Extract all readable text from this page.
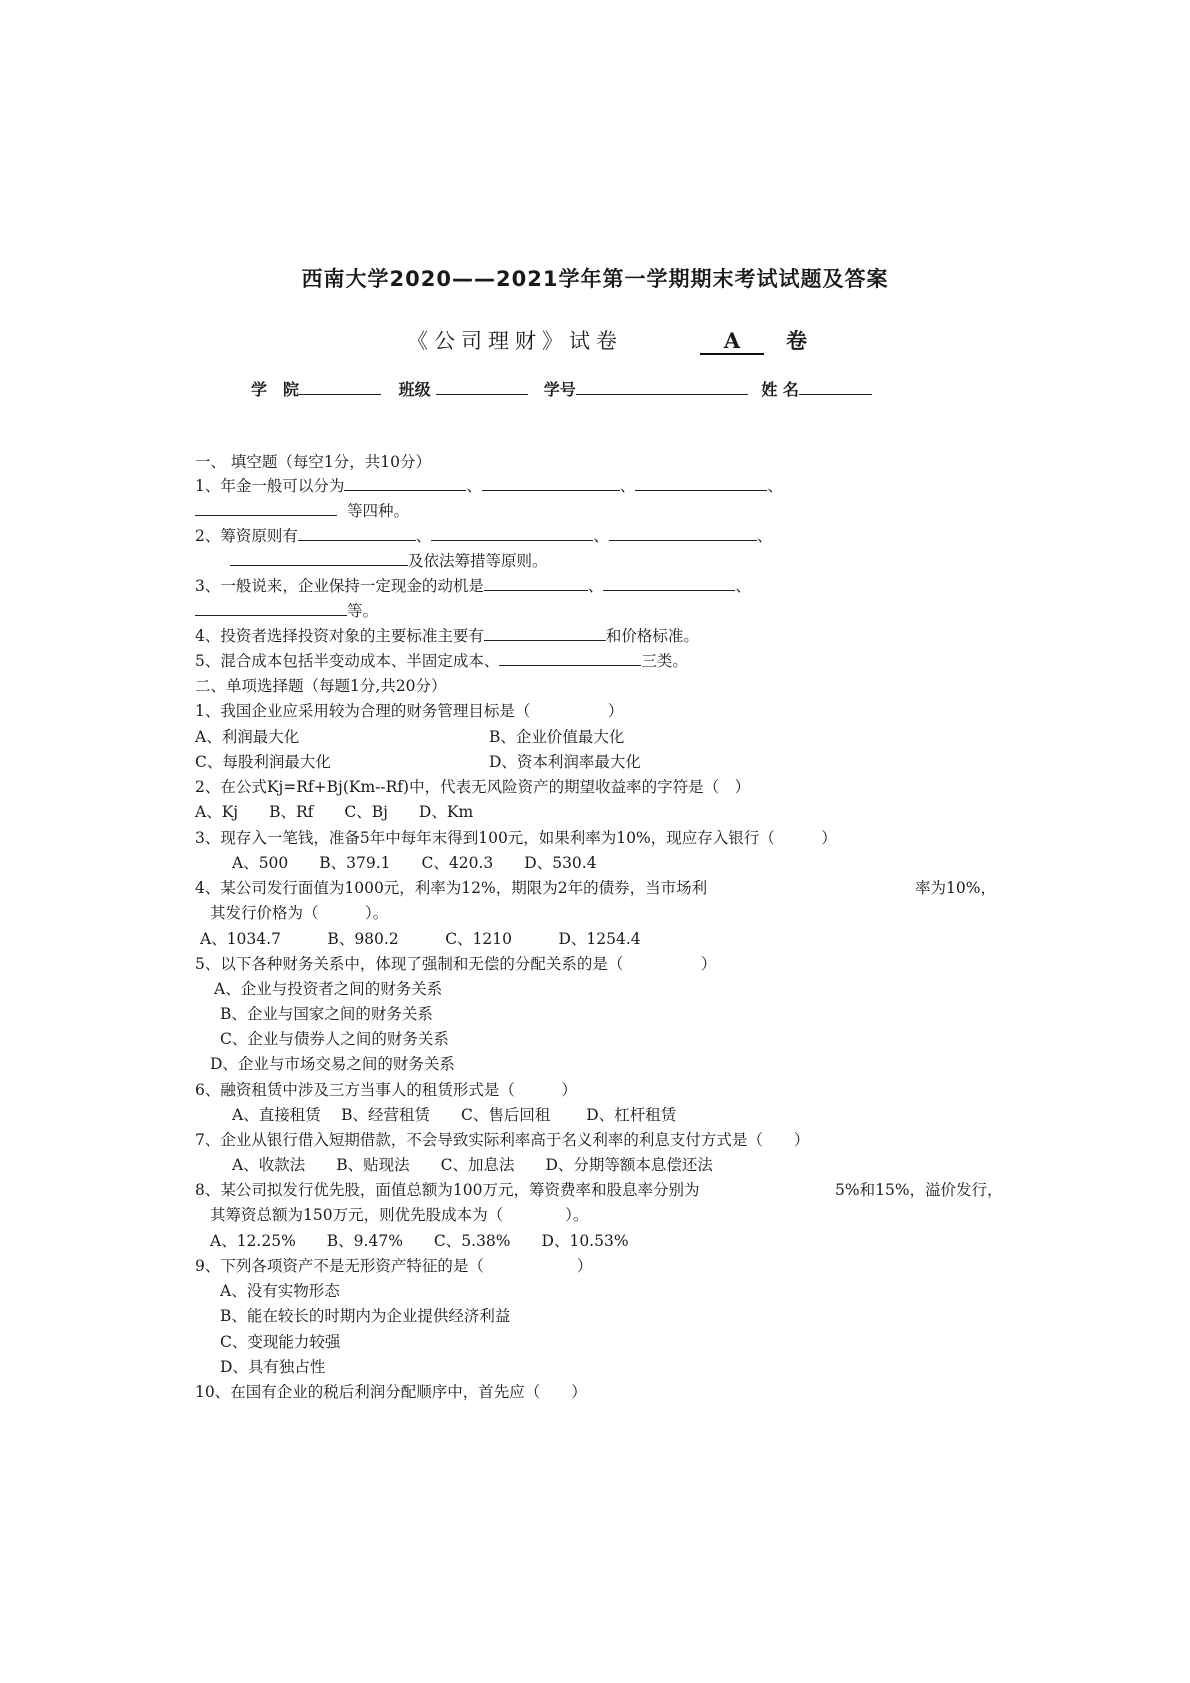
西南大学2020——2021学年第一学期期末考试试题及答案
《公司理财》试卷	A 卷
学　院	班级	学号	姓 名
一、 填空题（每空1分，共10分）
1、年金一般可以分为	、	、	、
等四种。
2、筹资原则有	、	、	、
及依法筹措等原则。
3、一般说来，企业保持一定现金的动机是	、	、
等。
4、投资者选择投资对象的主要标准主要有	和价格标准。
5、混合成本包括半变动成本、半固定成本、	三类。
二、单项选择题（每题1分,共20分）
1、我国企业应采用较为合理的财务管理目标是（　　　　　）
A、利润最大化	B、企业价值最大化
C、每股利润最大化	D、资本利润率最大化
2、在公式Kj=Rf+Bj(Km--Rf)中，代表无风险资产的期望收益率的字符是（　）
A、Kj　　B、Rf　　C、Bj　　D、Km
3、现存入一笔钱，准备5年中每年末得到100元，如果利率为10%，现应存入银行（　　　）
A、500　　B、379.1　　C、420.3　　D、530.4
4、某公司发行面值为1000元，利率为12%，期限为2年的债券，当市场利	率为10%，
其发行价格为（　　　）。
A、1034.7　　　B、980.2　　　C、1210　　　D、1254.4
5、以下各种财务关系中，体现了强制和无偿的分配关系的是（　　　　　）
A、企业与投资者之间的财务关系
B、企业与国家之间的财务关系
C、企业与债券人之间的财务关系
D、企业与市场交易之间的财务关系
6、融资租赁中涉及三方当事人的租赁形式是（　　　）
A、直接租赁　 B、经营租赁　　C、售后回租　　 D、杠杆租赁
7、企业从银行借入短期借款，不会导致实际利率高于名义利率的利息支付方式是（　　）
A、收款法　　B、贴现法　　C、加息法　　D、分期等额本息偿还法
8、某公司拟发行优先股，面值总额为100万元，筹资费率和股息率分别为	5%和15%，溢价发行，
其筹资总额为150万元，则优先股成本为（　　　　）。
A、12.25%　　B、9.47%　　C、5.38%　　D、10.53%
9、下列各项资产不是无形资产特征的是（　　　　　　）
A、没有实物形态
B、能在较长的时期内为企业提供经济利益
C、变现能力较强
D、具有独占性
10、在国有企业的税后利润分配顺序中，首先应（　　）
